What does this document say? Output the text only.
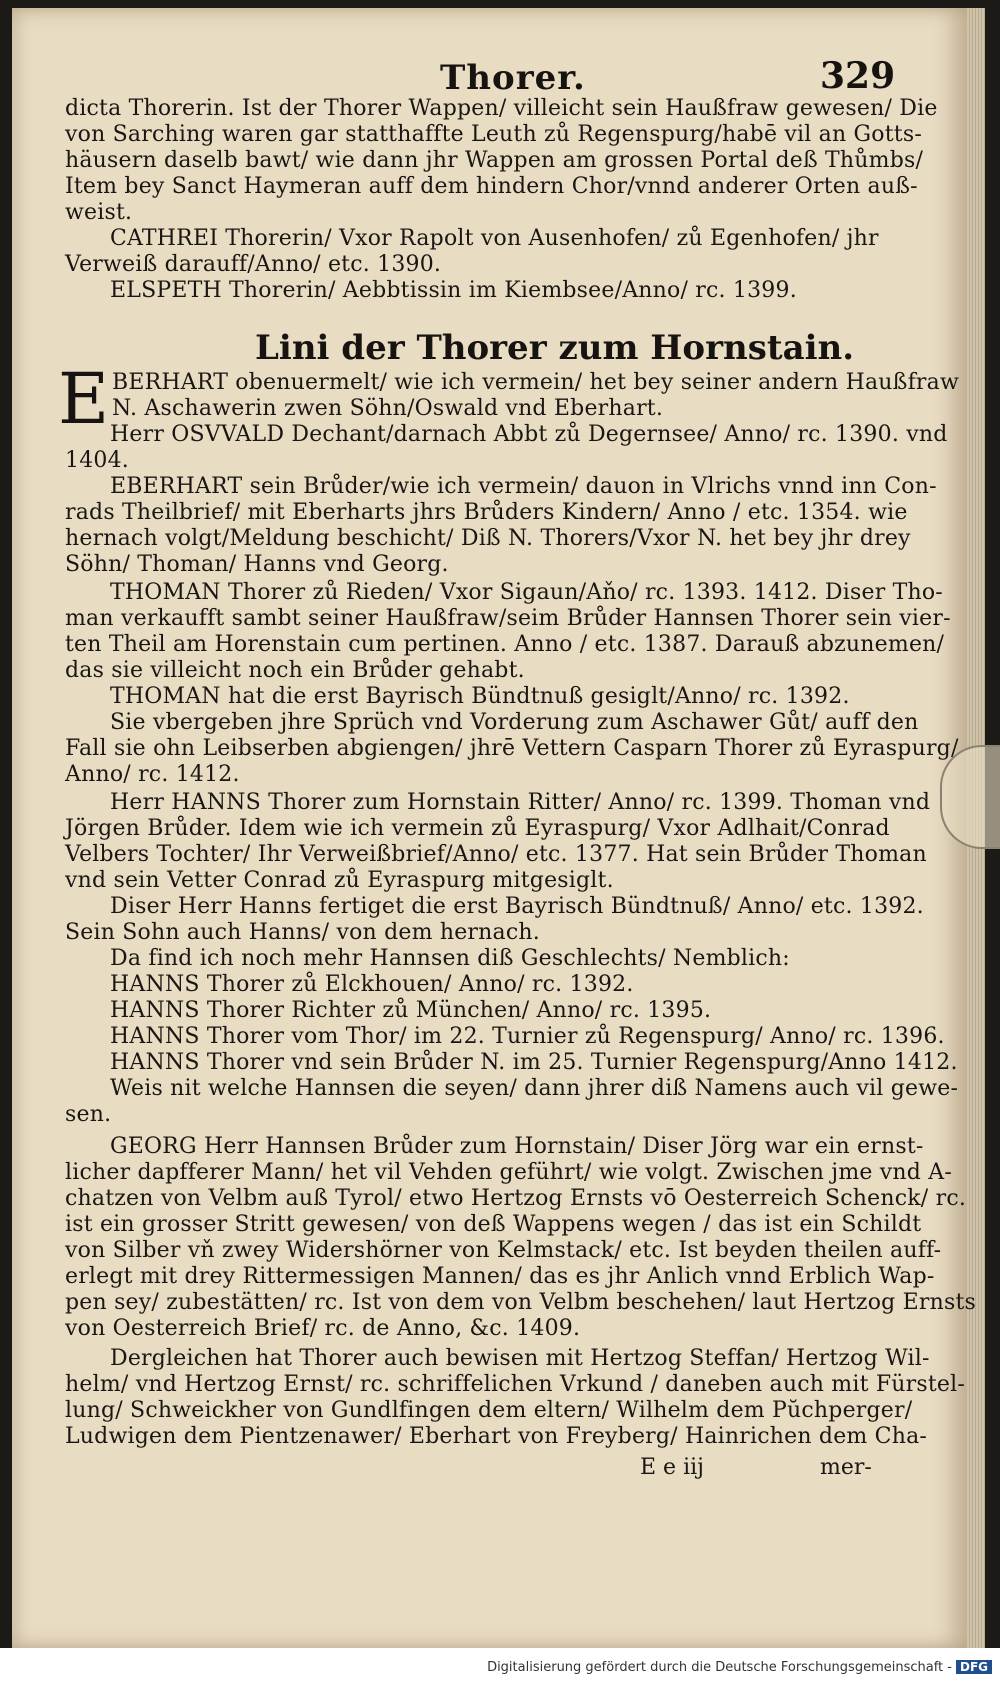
Thorer.	329
Lini der Thorer zum Hornstain.
E
dicta Thorerin. Ist der Thorer Wappen/ villeicht sein Haußfraw gewesen/ Die
von Sarching waren gar statthaffte Leuth zů Regenspurg/habē vil an Gotts-
häusern daselb bawt/ wie dann jhr Wappen am grossen Portal deß Thůmbs/
Item bey Sanct Haymeran auff dem hindern Chor/vnnd anderer Orten auß-
weist.
CATHREI Thorerin/ Vxor Rapolt von Ausenhofen/ zů Egenhofen/ jhr
Verweiß darauff/Anno/ etc. 1390.
ELSPETH Thorerin/ Aebbtissin im Kiembsee/Anno/ rc. 1399.
BERHART obenuermelt/ wie ich vermein/ het bey seiner andern Haußfraw
N. Aschawerin zwen Söhn/Oswald vnd Eberhart.
Herr OSVVALD Dechant/darnach Abbt zů Degernsee/ Anno/ rc. 1390. vnd
1404.
EBERHART sein Brůder/wie ich vermein/ dauon in Vlrichs vnnd inn Con-
rads Theilbrief/ mit Eberharts jhrs Brůders Kindern/ Anno / etc. 1354. wie
hernach volgt/Meldung beschicht/ Diß N. Thorers/Vxor N. het bey jhr drey
Söhn/ Thoman/ Hanns vnd Georg.
THOMAN Thorer zů Rieden/ Vxor Sigaun/Aňo/ rc. 1393. 1412. Diser Tho-
man verkaufft sambt seiner Haußfraw/seim Brůder Hannsen Thorer sein vier-
ten Theil am Horenstain cum pertinen. Anno / etc. 1387. Darauß abzunemen/
das sie villeicht noch ein Brůder gehabt.
THOMAN hat die erst Bayrisch Bündtnuß gesiglt/Anno/ rc. 1392.
Sie vbergeben jhre Sprüch vnd Vorderung zum Aschawer Gůt/ auff den
Fall sie ohn Leibserben abgiengen/ jhrē Vettern Casparn Thorer zů Eyraspurg/
Anno/ rc. 1412.
Herr HANNS Thorer zum Hornstain Ritter/ Anno/ rc. 1399. Thoman vnd
Jörgen Brůder. Idem wie ich vermein zů Eyraspurg/ Vxor Adlhait/Conrad
Velbers Tochter/ Ihr Verweißbrief/Anno/ etc. 1377. Hat sein Brůder Thoman
vnd sein Vetter Conrad zů Eyraspurg mitgesiglt.
Diser Herr Hanns fertiget die erst Bayrisch Bündtnuß/ Anno/ etc. 1392.
Sein Sohn auch Hanns/ von dem hernach.
Da find ich noch mehr Hannsen diß Geschlechts/ Nemblich:
HANNS Thorer zů Elckhouen/ Anno/ rc. 1392.
HANNS Thorer Richter zů München/ Anno/ rc. 1395.
HANNS Thorer vom Thor/ im 22. Turnier zů Regenspurg/ Anno/ rc. 1396.
HANNS Thorer vnd sein Brůder N. im 25. Turnier Regenspurg/Anno 1412.
Weis nit welche Hannsen die seyen/ dann jhrer diß Namens auch vil gewe-
sen.
GEORG Herr Hannsen Brůder zum Hornstain/ Diser Jörg war ein ernst-
licher dapfferer Mann/ het vil Vehden geführt/ wie volgt. Zwischen jme vnd A-
chatzen von Velbm auß Tyrol/ etwo Hertzog Ernsts vō Oesterreich Schenck/ rc.
ist ein grosser Stritt gewesen/ von deß Wappens wegen / das ist ein Schildt
von Silber vň zwey Widershörner von Kelmstack/ etc. Ist beyden theilen auff-
erlegt mit drey Rittermessigen Mannen/ das es jhr Anlich vnnd Erblich Wap-
pen sey/ zubestätten/ rc. Ist von dem von Velbm beschehen/ laut Hertzog Ernsts
von Oesterreich Brief/ rc. de Anno, &c. 1409.
Dergleichen hat Thorer auch bewisen mit Hertzog Steffan/ Hertzog Wil-
helm/ vnd Hertzog Ernst/ rc. schriffelichen Vrkund / daneben auch mit Fürstel-
lung/ Schweickher von Gundlfingen dem eltern/ Wilhelm dem Pŭchperger/
Ludwigen dem Pientzenawer/ Eberhart von Freyberg/ Hainrichen dem Cha-
E e iij	mer-
Digitalisierung gefördert durch die Deutsche Forschungsgemeinschaft - DFG
